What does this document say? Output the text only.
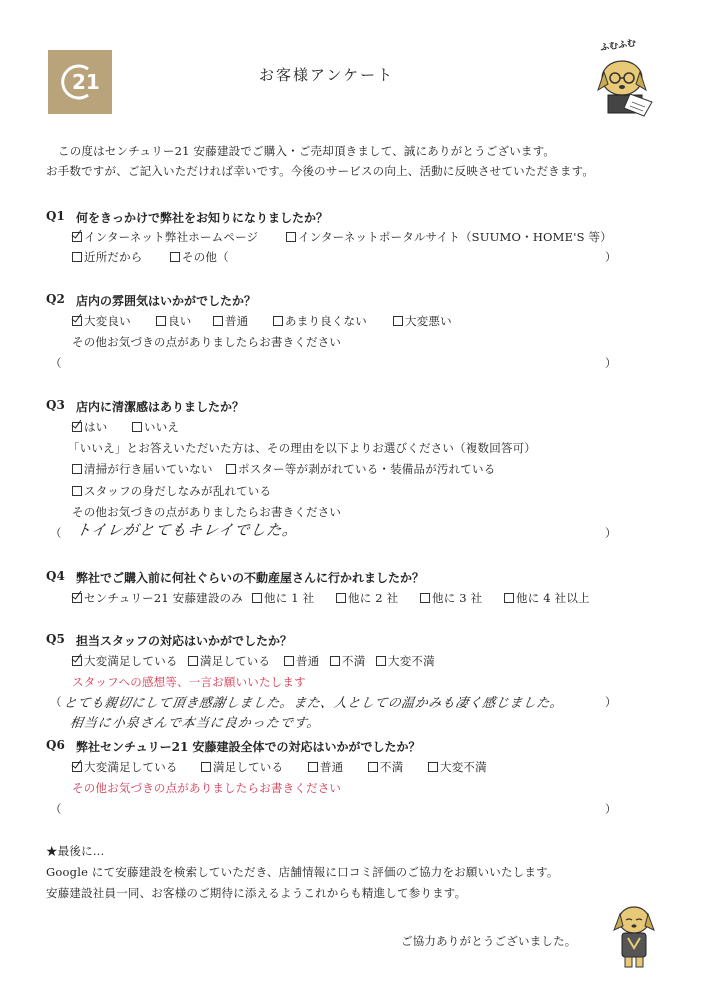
21	お客様アンケート
ふむふむ
この度はセンチュリー21 安藤建設でご購入・ご売却頂きまして、誠にありがとうございます。
お手数ですが、ご記入いただければ幸いです。今後のサービスの向上、活動に反映させていただきます。
Q1 何をきっかけで弊社をお知りになりましたか？
インターネット弊社ホームページ	インターネットポータルサイト（SUUMO・HOME'S 等）
近所だから	その他（	）
Q2 店内の雰囲気はいかがでしたか？
大変良い	良い	普通	あまり良くない	大変悪い
その他お気づきの点がありましたらお書きください
（	）
Q3 店内に清潔感はありましたか？
はい	いいえ
「いいえ」とお答えいただいた方は、その理由を以下よりお選びください（複数回答可）
清掃が行き届いていない ポスター等が剥がれている・装備品が汚れている
スタッフの身だしなみが乱れている
その他お気づきの点がありましたらお書きください
（ トイレがとてもキレイでした。	）
Q4 弊社でご購入前に何社ぐらいの不動産屋さんに行かれましたか？
センチュリー21 安藤建設のみ 他に 1 社	他に 2 社	他に 3 社	他に 4 社以上
Q5 担当スタッフの対応はいかがでしたか？
大変満足している 満足している 普通 不満 大変不満
スタッフへの感想等、一言お願いいたします
（ とても親切にして頂き感謝しました。また、人としての温かみも凄く感じました。	）
相当に小泉さんで本当に良かったです。
Q6 弊社センチュリー21 安藤建設全体での対応はいかがでしたか？
大変満足している	満足している	普通	不満	大変不満
その他お気づきの点がありましたらお書きください
（	）
★最後に…
Google にて安藤建設を検索していただき、店舗情報に口コミ評価のご協力をお願いいたします。
安藤建設社員一同、お客様のご期待に添えるようこれからも精進して参ります。
ご協力ありがとうございました。
